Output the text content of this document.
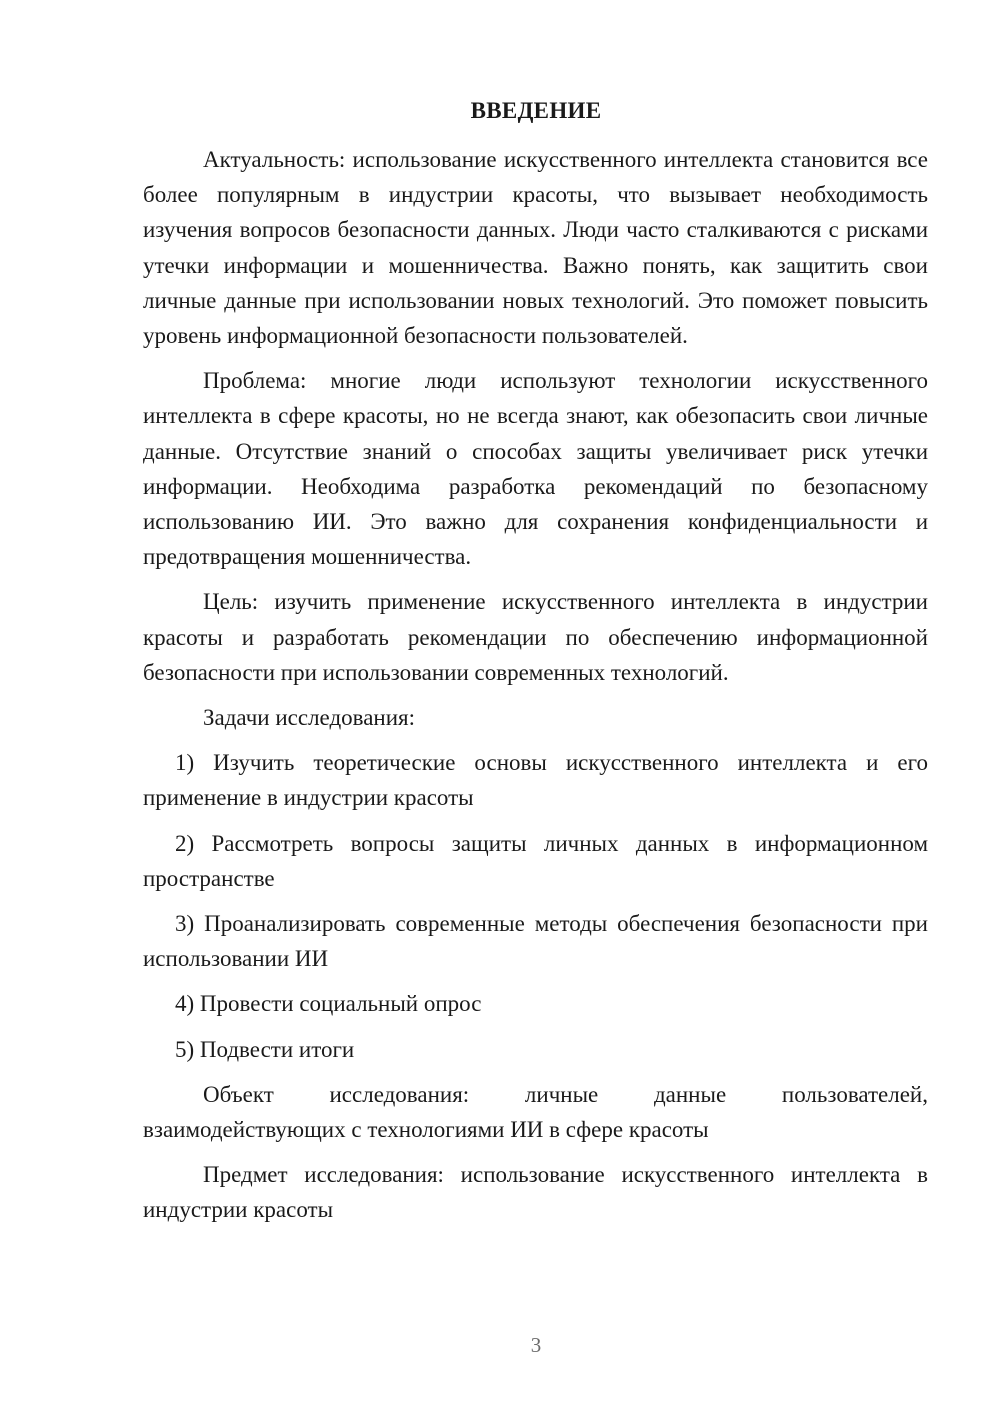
ВВЕДЕНИЕ

Актуальность: использование искусственного интеллекта становится все более популярным в индустрии красоты, что вызывает необходимость изучения вопросов безопасности данных. Люди часто сталкиваются с рисками утечки информации и мошенничества. Важно понять, как защитить свои личные данные при использовании новых технологий. Это поможет повысить уровень информационной безопасности пользователей.

Проблема: многие люди используют технологии искусственного интеллекта в сфере красоты, но не всегда знают, как обезопасить свои личные данные. Отсутствие знаний о способах защиты увеличивает риск утечки информации. Необходима разработка рекомендаций по безопасному использованию ИИ. Это важно для сохранения конфиденциальности и предотвращения мошенничества.

Цель: изучить применение искусственного интеллекта в индустрии красоты и разработать рекомендации по обеспечению информационной безопасности при использовании современных технологий.

Задачи исследования:

1) Изучить теоретические основы искусственного интеллекта и его применение в индустрии красоты

2) Рассмотреть вопросы защиты личных данных в информационном пространстве

3) Проанализировать современные методы обеспечения безопасности при использовании ИИ

4) Провести социальный опрос

5) Подвести итоги

Объект исследования: личные данные пользователей, взаимодействующих с технологиями ИИ в сфере красоты

Предмет исследования: использование искусственного интеллекта в индустрии красоты

3
